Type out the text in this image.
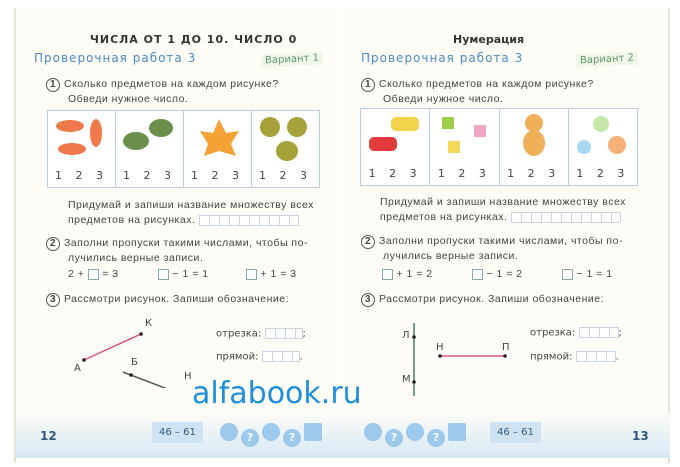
ЧИСЛА ОТ 1 ДО 10. ЧИСЛО 0
Проверочная работа 3	Вариант 1
1 Сколько предметов на каждом рисунке?
Обведи нужное число.
1 2 3	1 2 3	1 2 3	1 2 3
Придумай и запиши название множеству всех
предметов на рисунках.
2 Заполни пропуски такими числами, чтобы по-
лучились верные записи.
2 +  = 3	− 1 = 1	+ 1 = 3
3 Рассмотри рисунок. Запиши обозначение:
К
А
Б
Н
отрезка:	;
прямой:	.
12	46 – 61	?	?
Нумерация
Проверочная работа 3	Вариант 2
1 Сколько предметов на каждом рисунке?
Обведи нужное число.
1 2 3	1 2 3	1 2 3	1 2 3
Придумай и запиши название множеству всех
предметов на рисунках.
2 Заполни пропуски такими числами, чтобы по-
лучились верные записи.
+ 1 = 2	− 1 = 2	− 1 = 1
3 Рассмотри рисунок. Запиши обозначение:
Л
Н	П
М
отрезка:	;
прямой:	.
?	?	46 – 61	13
alfabook.ru
